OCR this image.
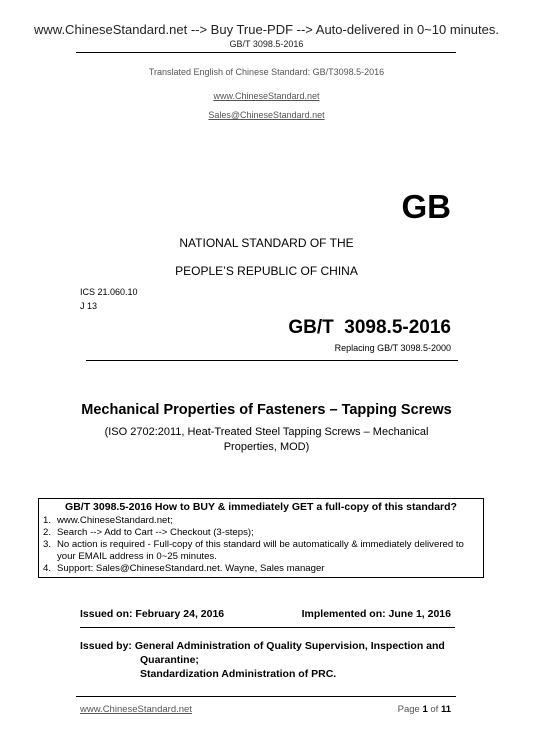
www.ChineseStandard.net --> Buy True-PDF --> Auto-delivered in 0~10 minutes.
GB/T 3098.5-2016
Translated English of Chinese Standard: GB/T3098.5-2016
www.ChineseStandard.net
Sales@ChineseStandard.net
GB
NATIONAL STANDARD OF THE
PEOPLE’S REPUBLIC OF CHINA
ICS 21.060.10
J 13
GB/T  3098.5-2016
Replacing GB/T 3098.5-2000
Mechanical Properties of Fasteners – Tapping Screws
(ISO 2702:2011, Heat-Treated Steel Tapping Screws – Mechanical Properties, MOD)
GB/T 3098.5-2016 How to BUY & immediately GET a full-copy of this standard?
1. www.ChineseStandard.net;
2. Search --> Add to Cart --> Checkout (3-steps);
3. No action is required - Full-copy of this standard will be automatically & immediately delivered to your EMAIL address in 0~25 minutes.
4. Support: Sales@ChineseStandard.net. Wayne, Sales manager
Issued on: February 24, 2016	Implemented on: June 1, 2016
Issued by: General Administration of Quality Supervision, Inspection and
Quarantine;
Standardization Administration of PRC.
www.ChineseStandard.net	Page 1 of 11
